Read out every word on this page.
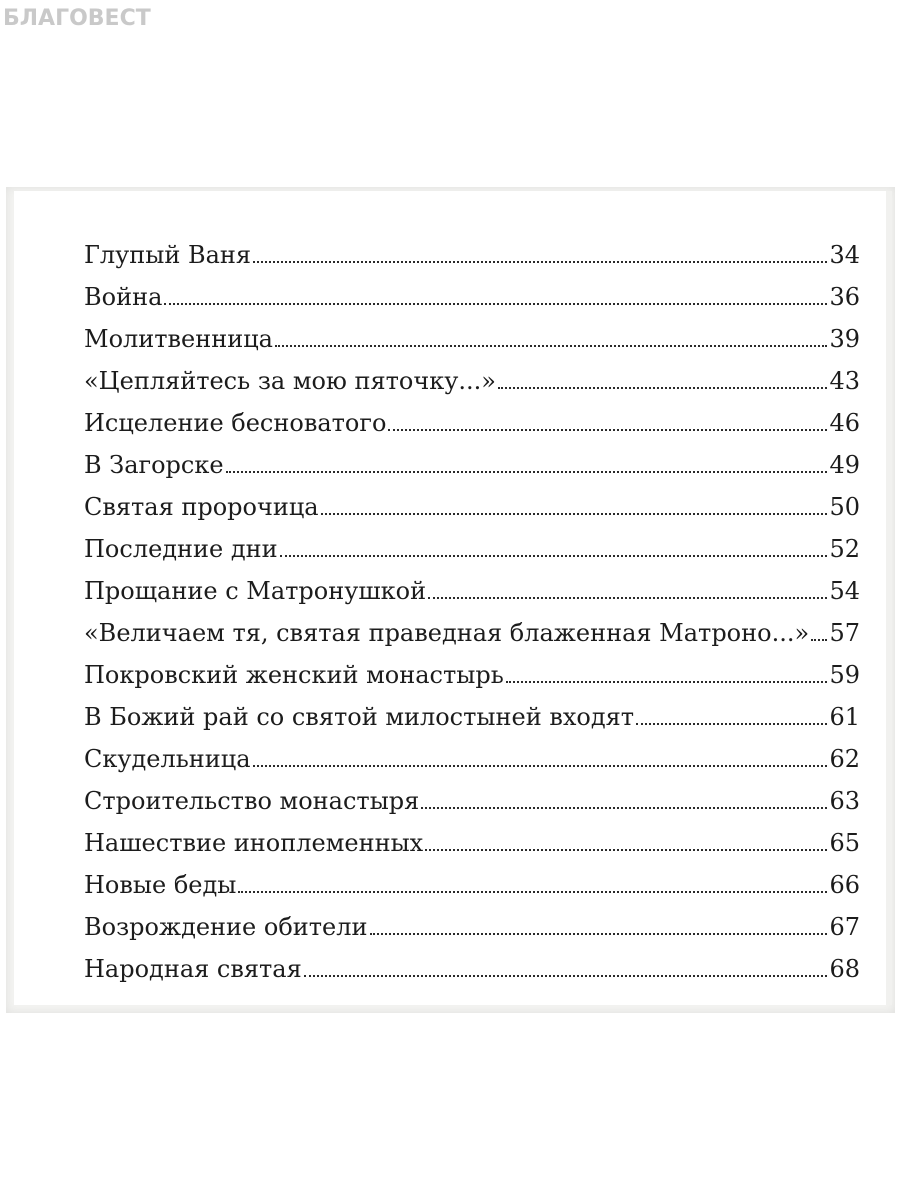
БЛАГОВЕСТ
Глупый Ваня	34
Война	36
Молитвенница	39
«Цепляйтесь за мою пяточку...»	43
Исцеление бесноватого	46
В Загорске	49
Святая пророчица	50
Последние дни	52
Прощание с Матронушкой	54
«Величаем тя, святая праведная блаженная Матроно...» 57
Покровский женский монастырь	59
В Божий рай со святой милостыней входят	61
Скудельница	62
Строительство монастыря	63
Нашествие иноплеменных	65
Новые беды	66
Возрождение обители	67
Народная святая	68
